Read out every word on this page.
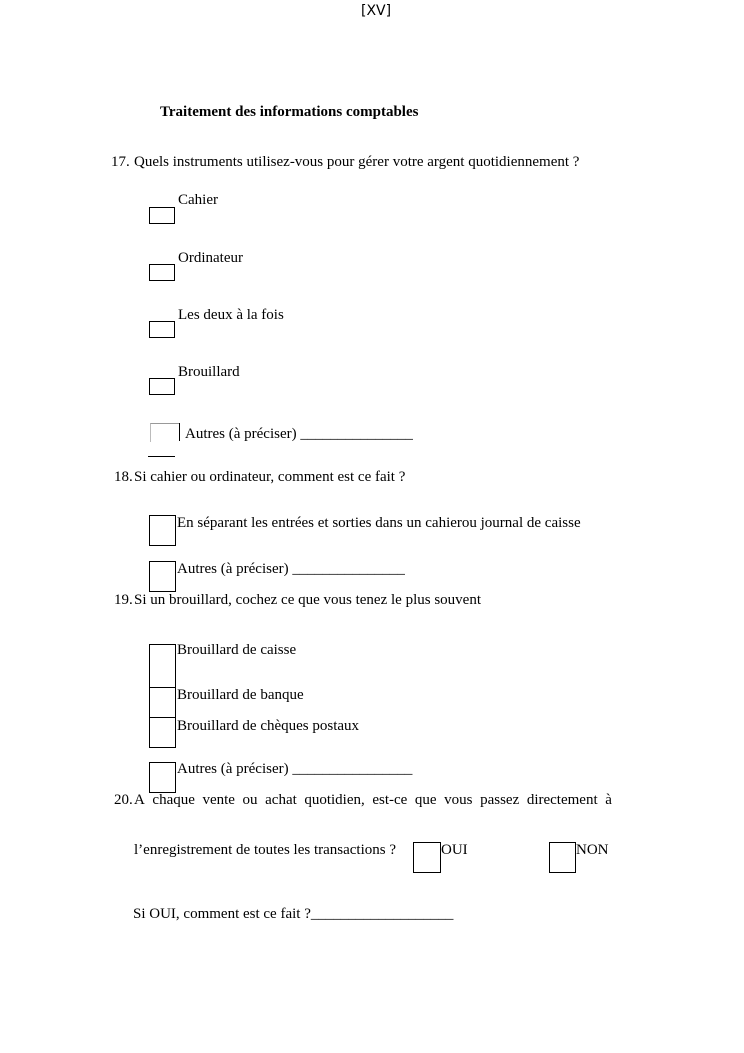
[XV]
Traitement des informations comptables
17. Quels instruments utilisez-vous pour gérer votre argent quotidiennement ?
Cahier
Ordinateur
Les deux à la fois
Brouillard
Autres (à préciser) _______________
18. Si cahier ou ordinateur, comment est ce fait ?
En séparant les entrées et sorties dans un cahierou journal de caisse
Autres (à préciser) _______________
19. Si un brouillard, cochez ce que vous tenez le plus souvent
Brouillard de caisse
Brouillard de banque
Brouillard de chèques postaux
Autres (à préciser) ________________
20. A chaque vente ou achat quotidien, est-ce que vous passez directement à
l’enregistrement de toutes les transactions ?	OUI	NON
Si OUI, comment est ce fait ?___________________
